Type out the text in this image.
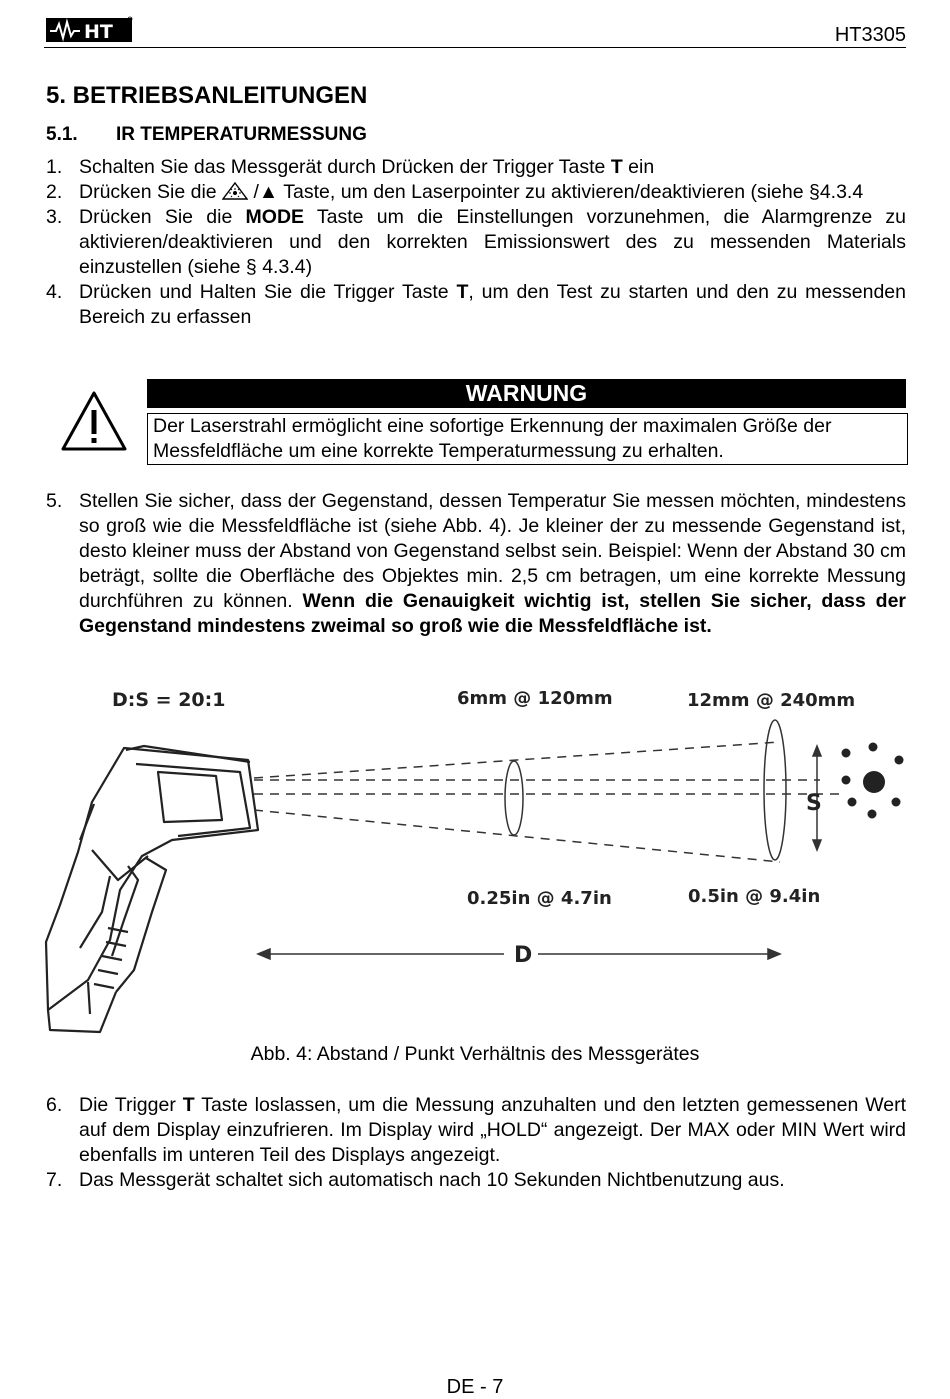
HT	HT3305
5. BETRIEBSANLEITUNGEN
5.1. IR TEMPERATURMESSUNG
1. Schalten Sie das Messgerät durch Drücken der Trigger Taste T ein
2. Drücken Sie die  /▲ Taste, um den Laserpointer zu aktivieren/deaktivieren (siehe §4.3.4
3. Drücken Sie die MODE Taste um die Einstellungen vorzunehmen, die Alarmgrenze zu aktivieren/deaktivieren und den korrekten Emissionswert des zu messenden Materials einzustellen (siehe § 4.3.4)
4. Drücken und Halten Sie die Trigger Taste T, um den Test zu starten und den zu messenden Bereich zu erfassen
WARNUNG
Der Laserstrahl ermöglicht eine sofortige Erkennung der maximalen Größe der Messfeldfläche um eine korrekte Temperaturmessung zu erhalten.
5. Stellen Sie sicher, dass der Gegenstand, dessen Temperatur Sie messen möchten, mindestens so groß wie die Messfeldfläche ist (siehe Abb. 4). Je kleiner der zu messende Gegenstand ist, desto kleiner muss der Abstand von Gegenstand selbst sein. Beispiel: Wenn der Abstand 30 cm beträgt, sollte die Oberfläche des Objektes min. 2,5 cm betragen, um eine korrekte Messung durchführen zu können. Wenn die Genauigkeit wichtig ist, stellen Sie sicher, dass der Gegenstand mindestens zweimal so groß wie die Messfeldfläche ist.
D:S = 20:1	6mm @ 120mm	12mm @ 240mm
S
0.25in @ 4.7in	0.5in @ 9.4in
D
Abb. 4: Abstand / Punkt Verhältnis des Messgerätes
6. Die Trigger T Taste loslassen, um die Messung anzuhalten und den letzten gemessenen Wert auf dem Display einzufrieren. Im Display wird „HOLD“ angezeigt. Der MAX oder MIN Wert wird ebenfalls im unteren Teil des Displays angezeigt.
7. Das Messgerät schaltet sich automatisch nach 10 Sekunden Nichtbenutzung aus.
DE - 7
